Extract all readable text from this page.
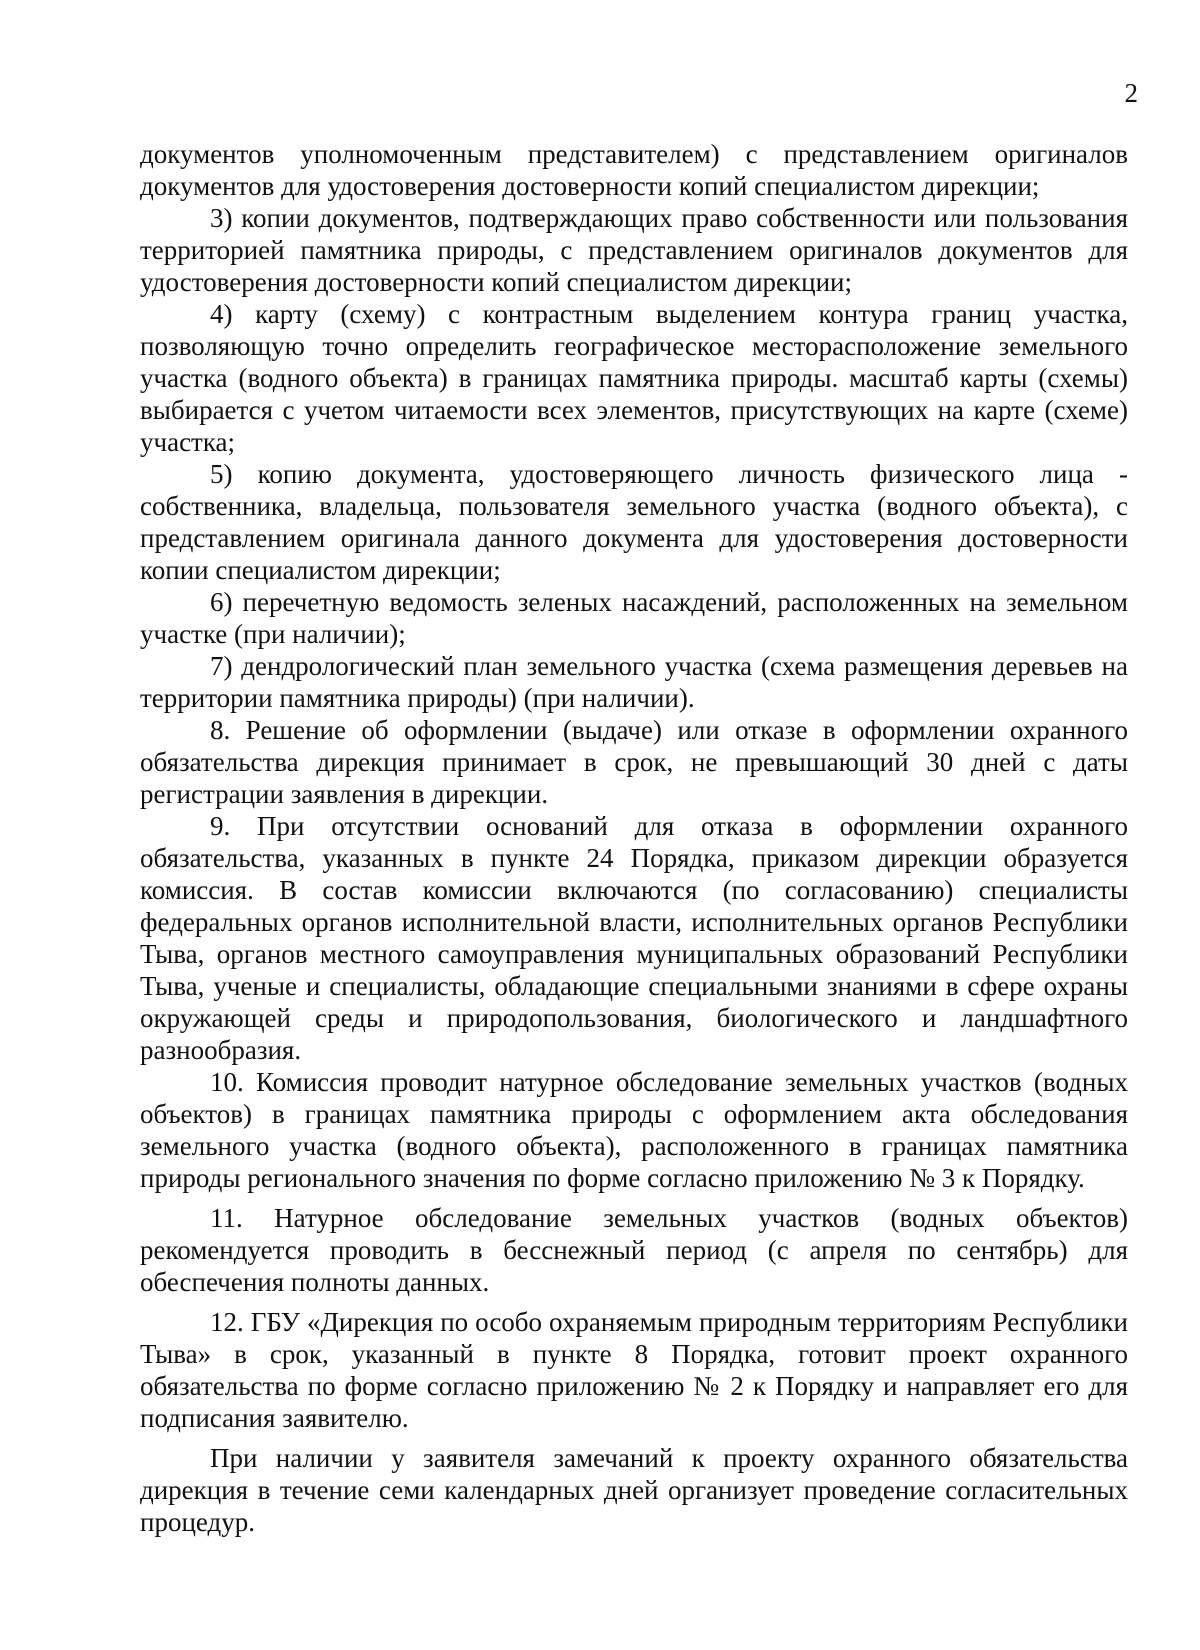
2

документов уполномоченным представителем) с представлением оригиналов документов для удостоверения достоверности копий специалистом дирекции;

3) копии документов, подтверждающих право собственности или пользования территорией памятника природы, с представлением оригиналов документов для удостоверения достоверности копий специалистом дирекции;

4) карту (схему) с контрастным выделением контура границ участка, позволяющую точно определить географическое месторасположение земельного участка (водного объекта) в границах памятника природы. масштаб карты (схемы) выбирается с учетом читаемости всех элементов, присутствующих на карте (схеме) участка;

5) копию документа, удостоверяющего личность физического лица - собственника, владельца, пользователя земельного участка (водного объекта), с представлением оригинала данного документа для удостоверения достоверности копии специалистом дирекции;

6) перечетную ведомость зеленых насаждений, расположенных на земельном участке (при наличии);

7) дендрологический план земельного участка (схема размещения деревьев на территории памятника природы) (при наличии).

8. Решение об оформлении (выдаче) или отказе в оформлении охранного обязательства дирекция принимает в срок, не превышающий 30 дней с даты регистрации заявления в дирекции.

9. При отсутствии оснований для отказа в оформлении охранного обязательства, указанных в пункте 24 Порядка, приказом дирекции образуется комиссия. В состав комиссии включаются (по согласованию) специалисты федеральных органов исполнительной власти, исполнительных органов Республики Тыва, органов местного самоуправления муниципальных образований Республики Тыва, ученые и специалисты, обладающие специальными знаниями в сфере охраны окружающей среды и природопользования, биологического и ландшафтного разнообразия.

10. Комиссия проводит натурное обследование земельных участков (водных объектов) в границах памятника природы с оформлением акта обследования земельного участка (водного объекта), расположенного в границах памятника природы регионального значения по форме согласно приложению № 3 к Порядку.

11. Натурное обследование земельных участков (водных объектов) рекомендуется проводить в бесснежный период (с апреля по сентябрь) для обеспечения полноты данных.

12. ГБУ «Дирекция по особо охраняемым природным территориям Республики Тыва» в срок, указанный в пункте 8 Порядка, готовит проект охранного обязательства по форме согласно приложению № 2 к Порядку и направляет его для подписания заявителю.

При наличии у заявителя замечаний к проекту охранного обязательства дирекция в течение семи календарных дней организует проведение согласительных процедур.
